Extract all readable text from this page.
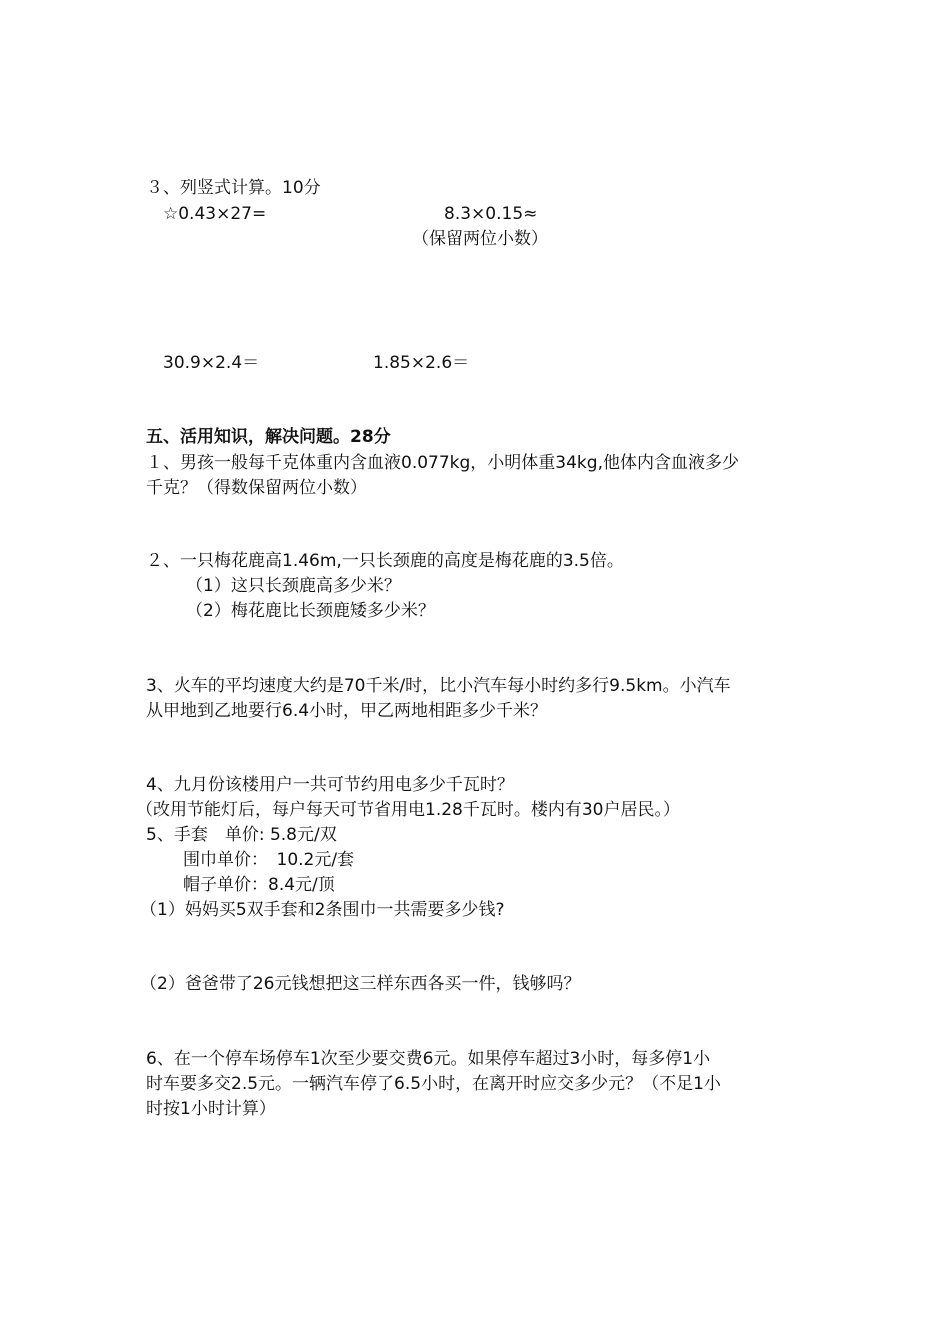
３、列竖式计算。10分
☆0.43×27=	8.3×0.15≈
（保留两位小数）
30.9×2.4＝	1.85×2.6＝
五、活用知识，解决问题。28分
１、男孩一般每千克体重内含血液0.077kg，小明体重34kg,他体内含血液多少
千克？（得数保留两位小数）
２、一只梅花鹿高1.46m,一只长颈鹿的高度是梅花鹿的3.5倍。
（1）这只长颈鹿高多少米？
（2）梅花鹿比长颈鹿矮多少米？
3、火车的平均速度大约是70千米/时，比小汽车每小时约多行9.5km。小汽车
从甲地到乙地要行6.4小时，甲乙两地相距多少千米？
4、九月份该楼用户一共可节约用电多少千瓦时？
（改用节能灯后，每户每天可节省用电1.28千瓦时。楼内有30户居民。）
5、手套　单价: 5.8元/双
围巾单价：　10.2元/套
帽子单价：8.4元/顶
（1）妈妈买5双手套和2条围巾一共需要多少钱?
（2）爸爸带了26元钱想把这三样东西各买一件，钱够吗？
6、在一个停车场停车1次至少要交费6元。如果停车超过3小时，每多停1小
时车要多交2.5元。一辆汽车停了6.5小时，在离开时应交多少元？（不足1小
时按1小时计算）
